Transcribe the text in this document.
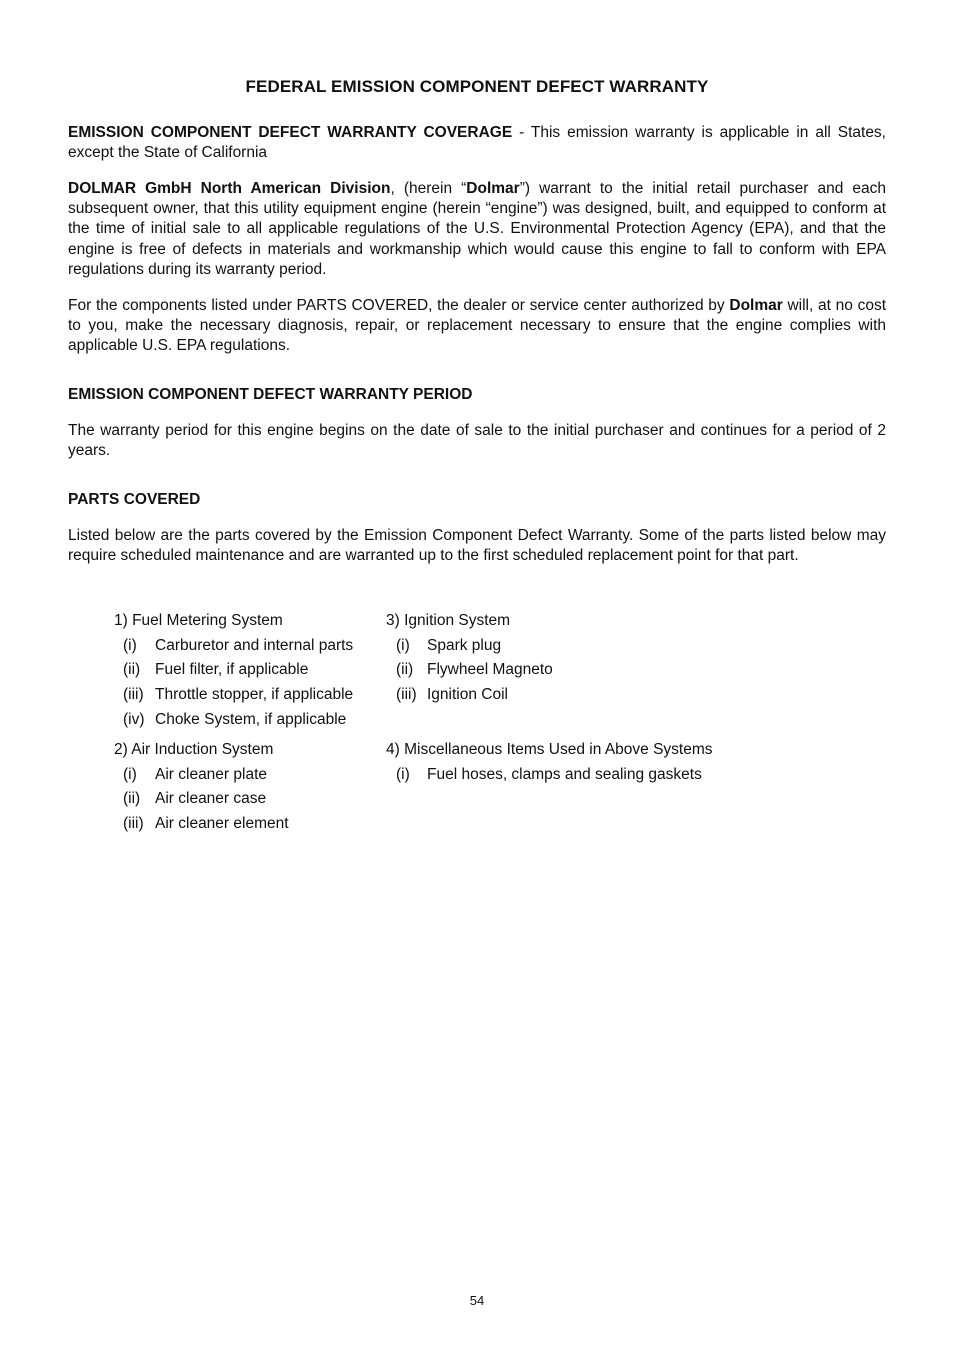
FEDERAL EMISSION COMPONENT DEFECT WARRANTY

EMISSION COMPONENT DEFECT WARRANTY COVERAGE - This emission warranty is applicable in all States, except the State of California

DOLMAR GmbH North American Division, (herein “Dolmar”) warrant to the initial retail purchaser and each subsequent owner, that this utility equipment engine (herein “engine”) was designed, built, and equipped to conform at the time of initial sale to all applicable regulations of the U.S. Environmental Protection Agency (EPA), and that the engine is free of defects in materials and workmanship which would cause this engine to fall to conform with EPA regulations during its warranty period.

For the components listed under PARTS COVERED, the dealer or service center authorized by Dolmar will, at no cost to you, make the necessary diagnosis, repair, or replacement necessary to ensure that the engine complies with applicable U.S. EPA regulations.

EMISSION COMPONENT DEFECT WARRANTY PERIOD

The warranty period for this engine begins on the date of sale to the initial purchaser and continues for a period of 2 years.

PARTS COVERED

Listed below are the parts covered by the Emission Component Defect Warranty. Some of the parts listed below may require scheduled maintenance and are warranted up to the first scheduled replacement point for that part.

1) Fuel Metering System
(i) Carburetor and internal parts
(ii) Fuel filter, if applicable
(iii) Throttle stopper, if applicable
(iv) Choke System, if applicable
2) Air Induction System
(i) Air cleaner plate
(ii) Air cleaner case
(iii) Air cleaner element
3) Ignition System
(i) Spark plug
(ii) Flywheel Magneto
(iii) Ignition Coil
4) Miscellaneous Items Used in Above Systems
(i) Fuel hoses, clamps and sealing gaskets
54
